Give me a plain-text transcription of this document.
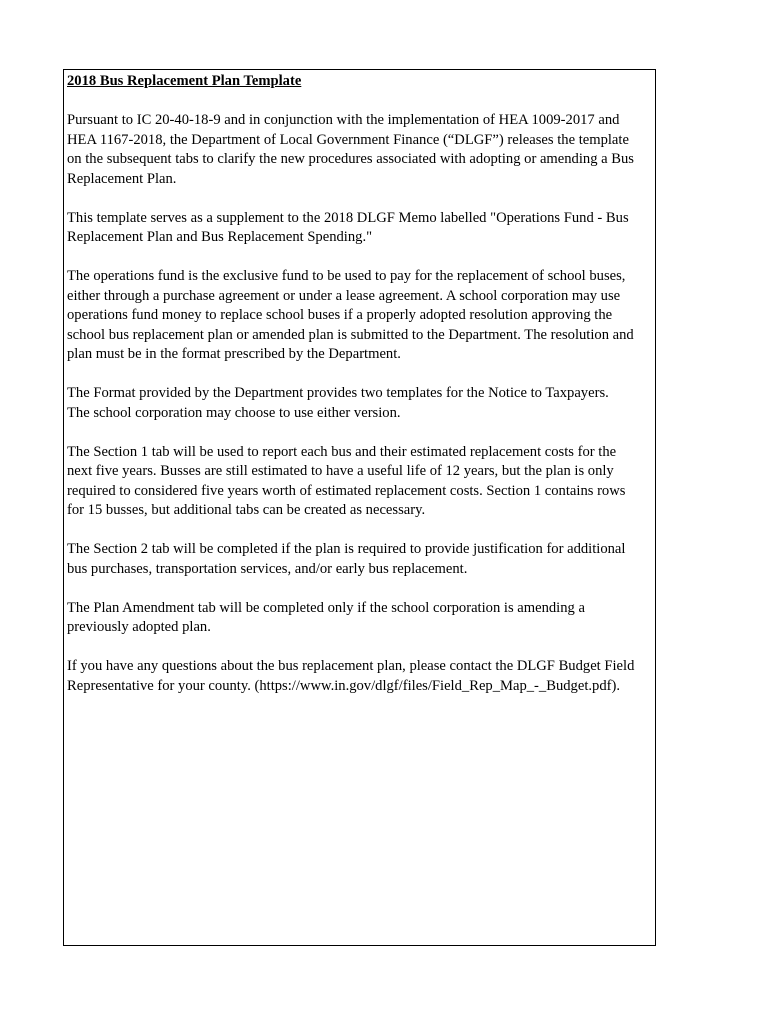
2018 Bus Replacement Plan Template

Pursuant to IC 20-40-18-9 and in conjunction with the implementation of HEA 1009-2017 and
HEA 1167-2018, the Department of Local Government Finance (“DLGF”) releases the template
on the subsequent tabs to clarify the new procedures associated with adopting or amending a Bus
Replacement Plan.

This template serves as a supplement to the 2018 DLGF Memo labelled "Operations Fund - Bus
Replacement Plan and Bus Replacement Spending."

The operations fund is the exclusive fund to be used to pay for the replacement of school buses,
either through a purchase agreement or under a lease agreement. A school corporation may use
operations fund money to replace school buses if a properly adopted resolution approving the
school bus replacement plan or amended plan is submitted to the Department. The resolution and
plan must be in the format prescribed by the Department.

The Format provided by the Department provides two templates for the Notice to Taxpayers.
The school corporation may choose to use either version.

The Section 1 tab will be used to report each bus and their estimated replacement costs for the
next five years. Busses are still estimated to have a useful life of 12 years, but the plan is only
required to considered five years worth of estimated replacement costs. Section 1 contains rows
for 15 busses, but additional tabs can be created as necessary.

The Section 2 tab will be completed if the plan is required to provide justification for additional
bus purchases, transportation services, and/or early bus replacement.

The Plan Amendment tab will be completed only if the school corporation is amending a
previously adopted plan.

If you have any questions about the bus replacement plan, please contact the DLGF Budget Field
Representative for your county. (https://www.in.gov/dlgf/files/Field_Rep_Map_-_Budget.pdf).
